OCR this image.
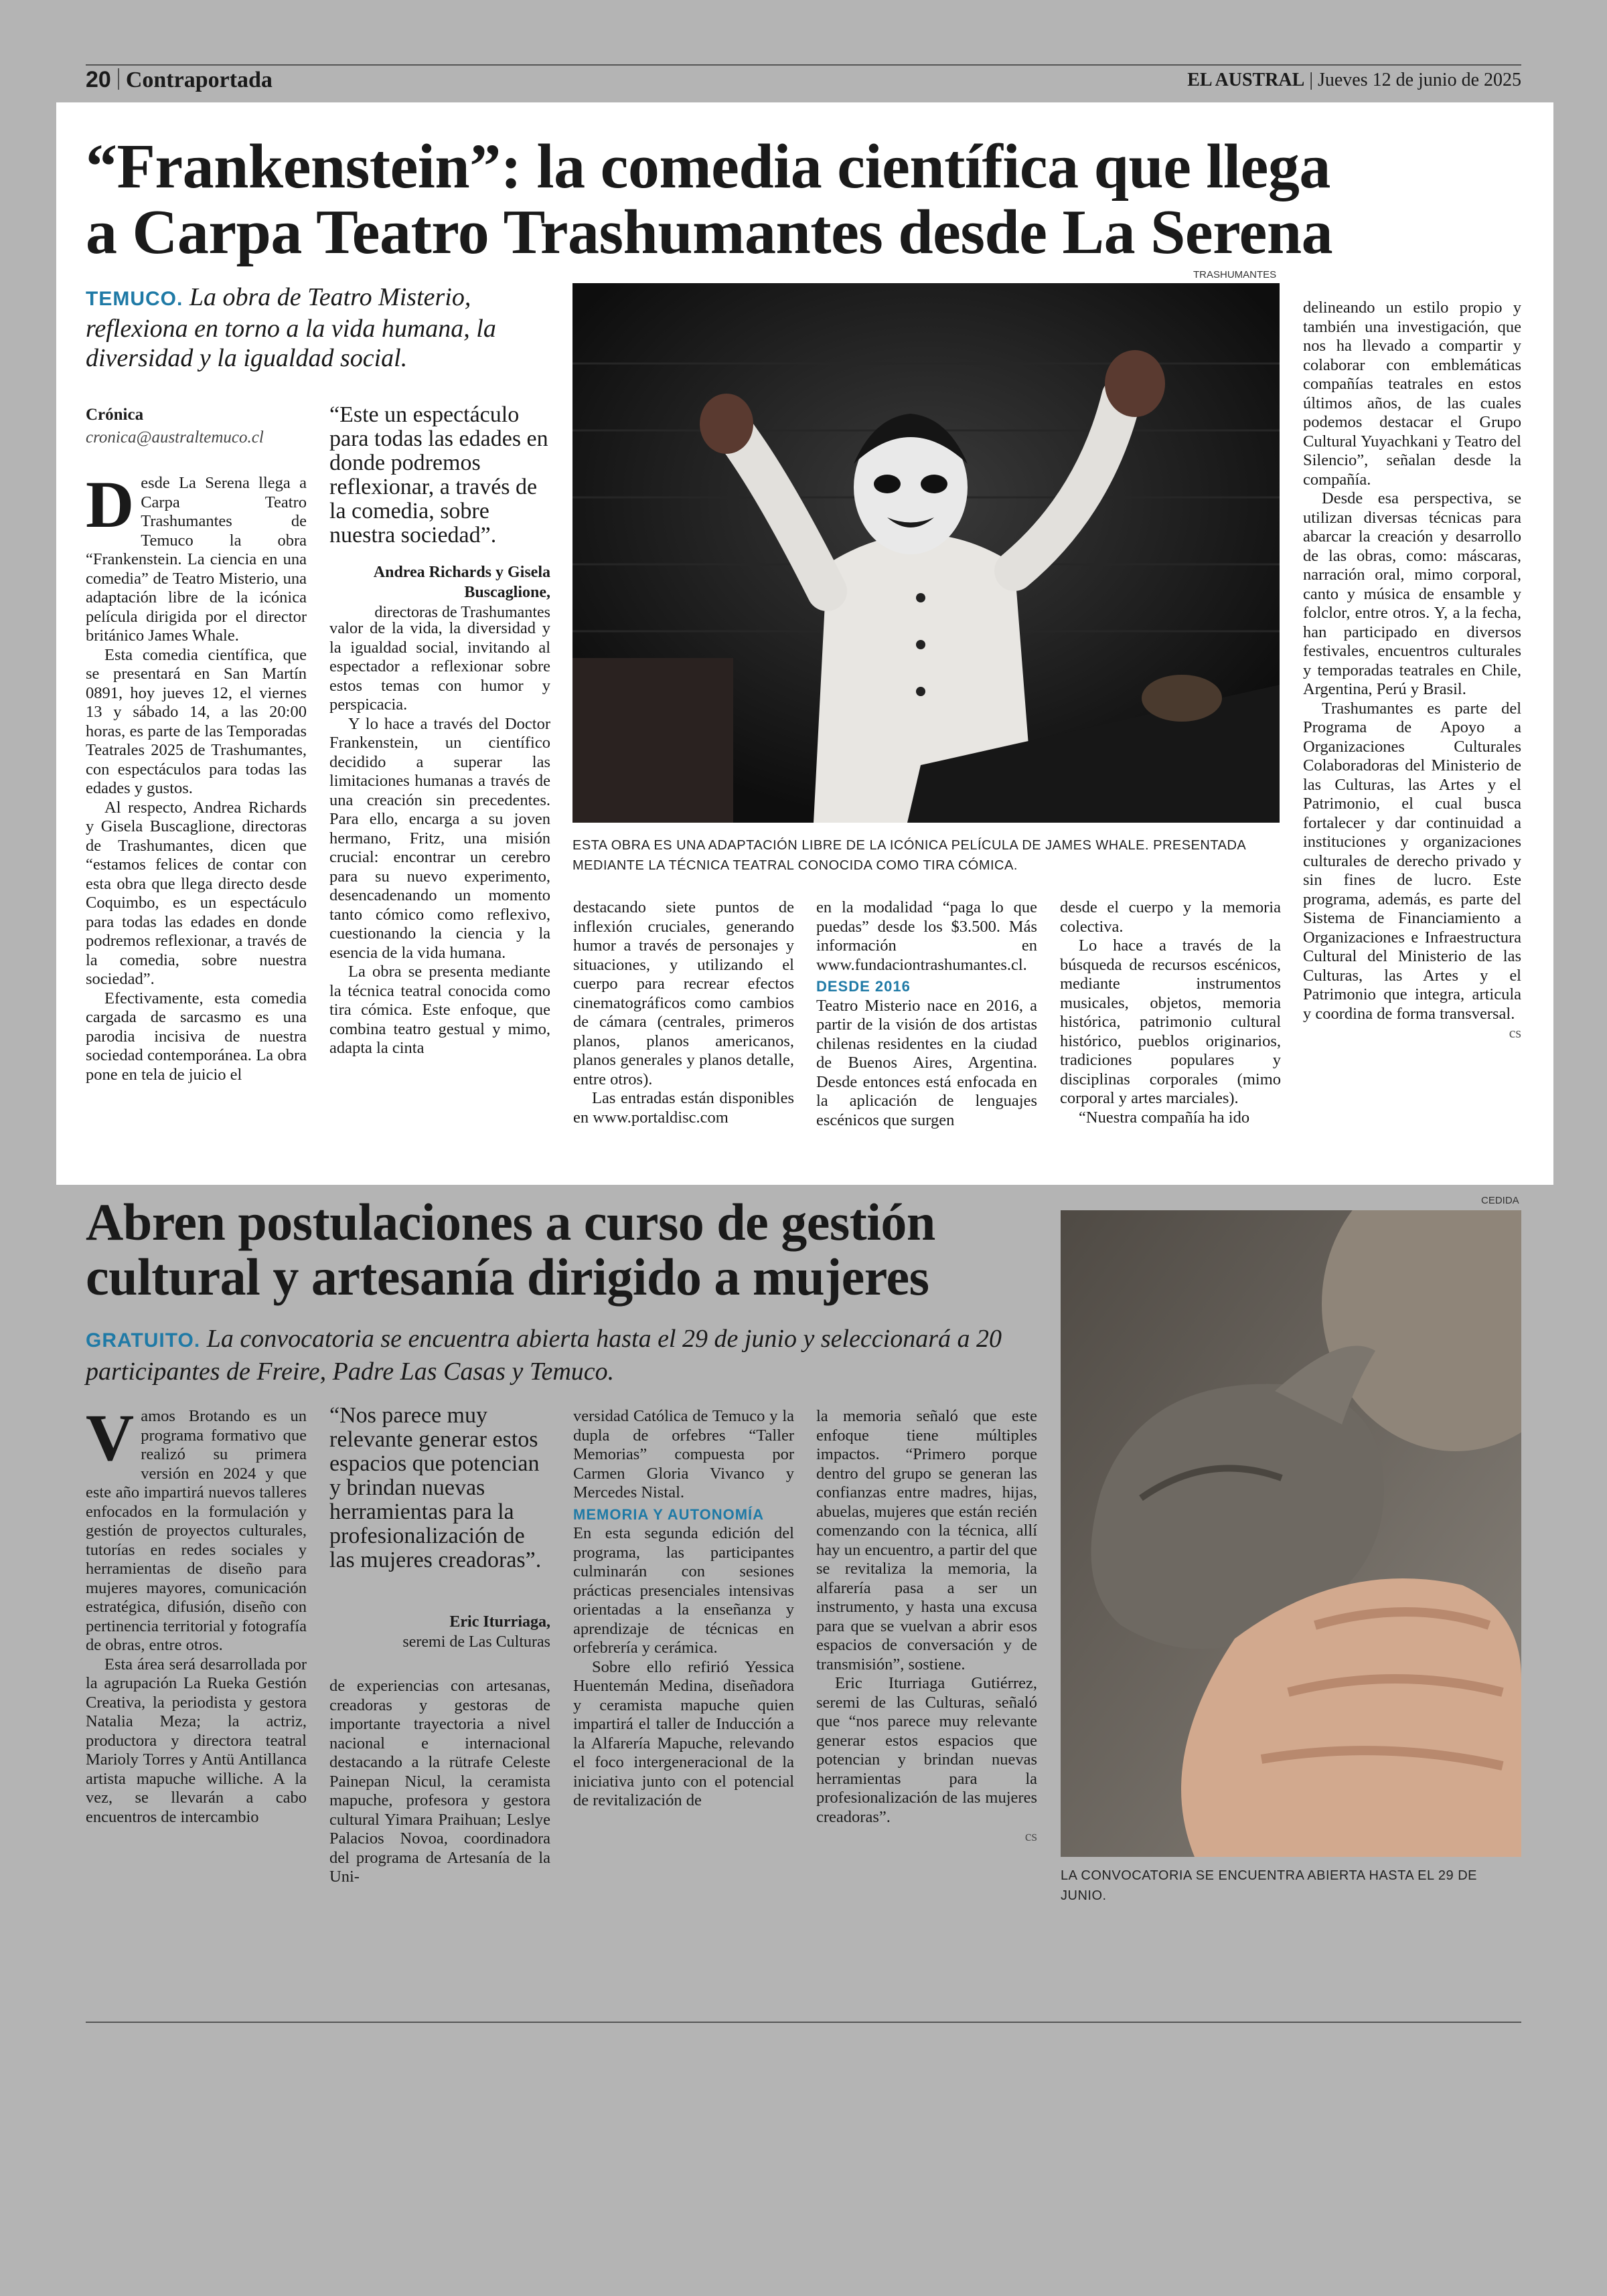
20 Contraportada	EL AUSTRAL | Jueves 12 de junio de 2025
“Frankenstein”: la comedia científica que llega
a Carpa Teatro Trashumantes desde La Serena
TEMUCO. La obra de Teatro Misterio, reflexiona en torno a la vida humana, la diversidad y la igualdad social.
Crónica
cronica@australtemuco.cl

Desde La Serena llega a Carpa Teatro Trashumantes de Temuco la obra “Frankenstein. La ciencia en una comedia” de Teatro Misterio, una adaptación libre de la icónica película dirigida por el director británico James Whale.

Esta comedia científica, que se presentará en San Martín 0891, hoy jueves 12, el viernes 13 y sábado 14, a las 20:00 horas, es parte de las Temporadas Teatrales 2025 de Trashumantes, con espectáculos para todas las edades y gustos.

Al respecto, Andrea Richards y Gisela Buscaglione, directoras de Trashumantes, dicen que “estamos felices de contar con esta obra que llega directo desde Coquimbo, es un espectáculo para todas las edades en donde podremos reflexionar, a través de la comedia, sobre nuestra sociedad”.

Efectivamente, esta comedia cargada de sarcasmo es una parodia incisiva de nuestra sociedad contemporánea. La obra pone en tela de juicio el

“Este un espectáculo para todas las edades en donde podremos reflexionar, a través de la comedia, sobre nuestra sociedad”.
Andrea Richards y Gisela Buscaglione,
directoras de Trashumantes

valor de la vida, la diversidad y la igualdad social, invitando al espectador a reflexionar sobre estos temas con humor y perspicacia.

Y lo hace a través del Doctor Frankenstein, un científico decidido a superar las limitaciones humanas a través de una creación sin precedentes. Para ello, encarga a su joven hermano, Fritz, una misión crucial: encontrar un cerebro para su nuevo experimento, desencadenando un momento tanto cómico como reflexivo, cuestionando la ciencia y la esencia de la vida humana.

La obra se presenta mediante la técnica teatral conocida como tira cómica. Este enfoque, que combina teatro gestual y mimo, adapta la cinta

TRASHUMANTES
ESTA OBRA ES UNA ADAPTACIÓN LIBRE DE LA ICÓNICA PELÍCULA DE JAMES WHALE. PRESENTADA MEDIANTE LA TÉCNICA TEATRAL CONOCIDA COMO TIRA CÓMICA.

destacando siete puntos de inflexión cruciales, generando humor a través de personajes y situaciones, y utilizando el cuerpo para recrear efectos cinematográficos como cambios de cámara (centrales, primeros planos, planos americanos, planos generales y planos detalle, entre otros).

Las entradas están disponibles en www.portaldisc.com

en la modalidad “paga lo que puedas” desde los $3.500. Más información en www.fundaciontrashumantes.cl.

DESDE 2016

Teatro Misterio nace en 2016, a partir de la visión de dos artistas chilenas residentes en la ciudad de Buenos Aires, Argentina. Desde entonces está enfocada en la aplicación de lenguajes escénicos que surgen

desde el cuerpo y la memoria colectiva.

Lo hace a través de la búsqueda de recursos escénicos, mediante instrumentos musicales, objetos, memoria histórica, patrimonio cultural histórico, pueblos originarios, tradiciones populares y disciplinas corporales (mimo corporal y artes marciales).

“Nuestra compañía ha ido

delineando un estilo propio y también una investigación, que nos ha llevado a compartir y colaborar con emblemáticas compañías teatrales en estos últimos años, de las cuales podemos destacar el Grupo Cultural Yuyachkani y Teatro del Silencio”, señalan desde la compañía.

Desde esa perspectiva, se utilizan diversas técnicas para abarcar la creación y desarrollo de las obras, como: máscaras, narración oral, mimo corporal, canto y música de ensamble y folclor, entre otros. Y, a la fecha, han participado en diversos festivales, encuentros culturales y temporadas teatrales en Chile, Argentina, Perú y Brasil.

Trashumantes es parte del Programa de Apoyo a Organizaciones Culturales Colaboradoras del Ministerio de las Culturas, las Artes y el Patrimonio, el cual busca fortalecer y dar continuidad a instituciones y organizaciones culturales de derecho privado y sin fines de lucro. Este programa, además, es parte del Sistema de Financiamiento a Organizaciones e Infraestructura Cultural del Ministerio de las Culturas, las Artes y el Patrimonio que integra, articula y coordina de forma transversal.

cs

Abren postulaciones a curso de gestión
cultural y artesanía dirigido a mujeres
GRATUITO. La convocatoria se encuentra abierta hasta el 29 de junio y seleccionará a 20 participantes de Freire, Padre Las Casas y Temuco.

Vamos Brotando es un programa formativo que realizó su primera versión en 2024 y que este año impartirá nuevos talleres enfocados en la formulación y gestión de proyectos culturales, tutorías en redes sociales y herramientas de diseño para mujeres mayores, comunicación estratégica, difusión, diseño con pertinencia territorial y fotografía de obras, entre otros.

Esta área será desarrollada por la agrupación La Rueka Gestión Creativa, la periodista y gestora Natalia Meza; la actriz, productora y directora teatral Marioly Torres y Antü Antillanca artista mapuche williche. A la vez, se llevarán a cabo encuentros de intercambio

“Nos parece muy relevante generar estos espacios que potencian y brindan nuevas herramientas para la profesionalización de las mujeres creadoras”.
Eric Iturriaga,
seremi de Las Culturas

de experiencias con artesanas, creadoras y gestoras de importante trayectoria a nivel nacional e internacional destacando a la rütrafe Celeste Painepan Nicul, la ceramista mapuche, profesora y gestora cultural Yimara Praihuan; Leslye Palacios Novoa, coordinadora del programa de Artesanía de la Uni-

versidad Católica de Temuco y la dupla de orfebres “Taller Memorias” compuesta por Carmen Gloria Vivanco y Mercedes Nistal.

MEMORIA Y AUTONOMÍA

En esta segunda edición del programa, las participantes culminarán con sesiones prácticas presenciales intensivas orientadas a la enseñanza y aprendizaje de técnicas en orfebrería y cerámica.

Sobre ello refirió Yessica Huentemán Medina, diseñadora y ceramista mapuche quien impartirá el taller de Inducción a la Alfarería Mapuche, relevando el foco intergeneracional de la iniciativa junto con el potencial de revitalización de

la memoria señaló que este enfoque tiene múltiples impactos. “Primero porque dentro del grupo se generan las confianzas entre madres, hijas, abuelas, mujeres que están recién comenzando con la técnica, allí hay un encuentro, a partir del que se revitaliza la memoria, la alfarería pasa a ser un instrumento, y hasta una excusa para que se vuelvan a abrir esos espacios de conversación y de transmisión”, sostiene.

Eric Iturriaga Gutiérrez, seremi de las Culturas, señaló que “nos parece muy relevante generar estos espacios que potencian y brindan nuevas herramientas para la profesionalización de las mujeres creadoras”.

cs

CEDIDA
LA CONVOCATORIA SE ENCUENTRA ABIERTA HASTA EL 29 DE JUNIO.
